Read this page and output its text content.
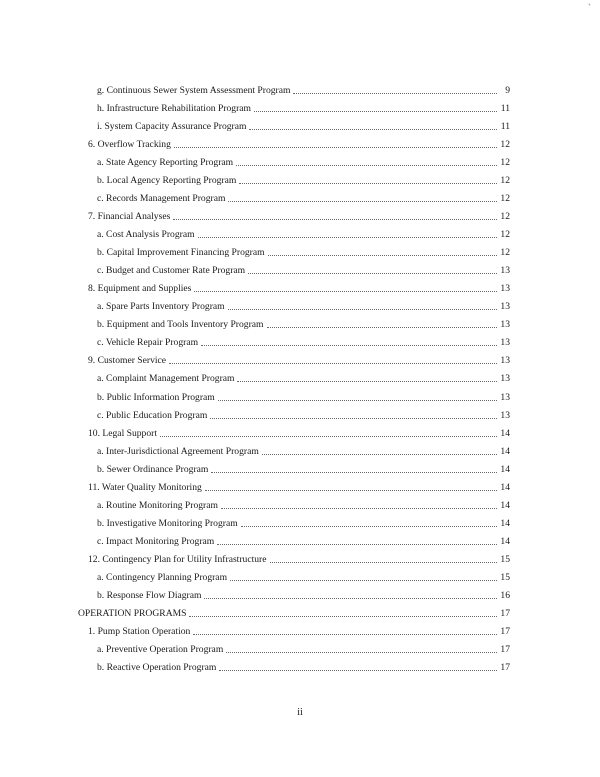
+
g. Continuous Sewer System Assessment Program	9
h. Infrastructure Rehabilitation Program	11
i. System Capacity Assurance Program	11
6. Overflow Tracking	12
a. State Agency Reporting Program	12
b. Local Agency Reporting Program	12
c. Records Management Program	12
7. Financial Analyses	12
a. Cost Analysis Program	12
b. Capital Improvement Financing Program	12
c. Budget and Customer Rate Program	13
8. Equipment and Supplies	13
a. Spare Parts Inventory Program	13
b. Equipment and Tools Inventory Program	13
c. Vehicle Repair Program	13
9. Customer Service	13
a. Complaint Management Program	13
b. Public Information Program	13
c. Public Education Program	13
10. Legal Support	14
a. Inter-Jurisdictional Agreement Program	14
b. Sewer Ordinance Program	14
11. Water Quality Monitoring	14
a. Routine Monitoring Program	14
b. Investigative Monitoring Program	14
c. Impact Monitoring Program	14
12. Contingency Plan for Utility Infrastructure	15
a. Contingency Planning Program	15
b. Response Flow Diagram	16
OPERATION PROGRAMS	17
1. Pump Station Operation	17
a. Preventive Operation Program	17
b. Reactive Operation Program	17
ii
